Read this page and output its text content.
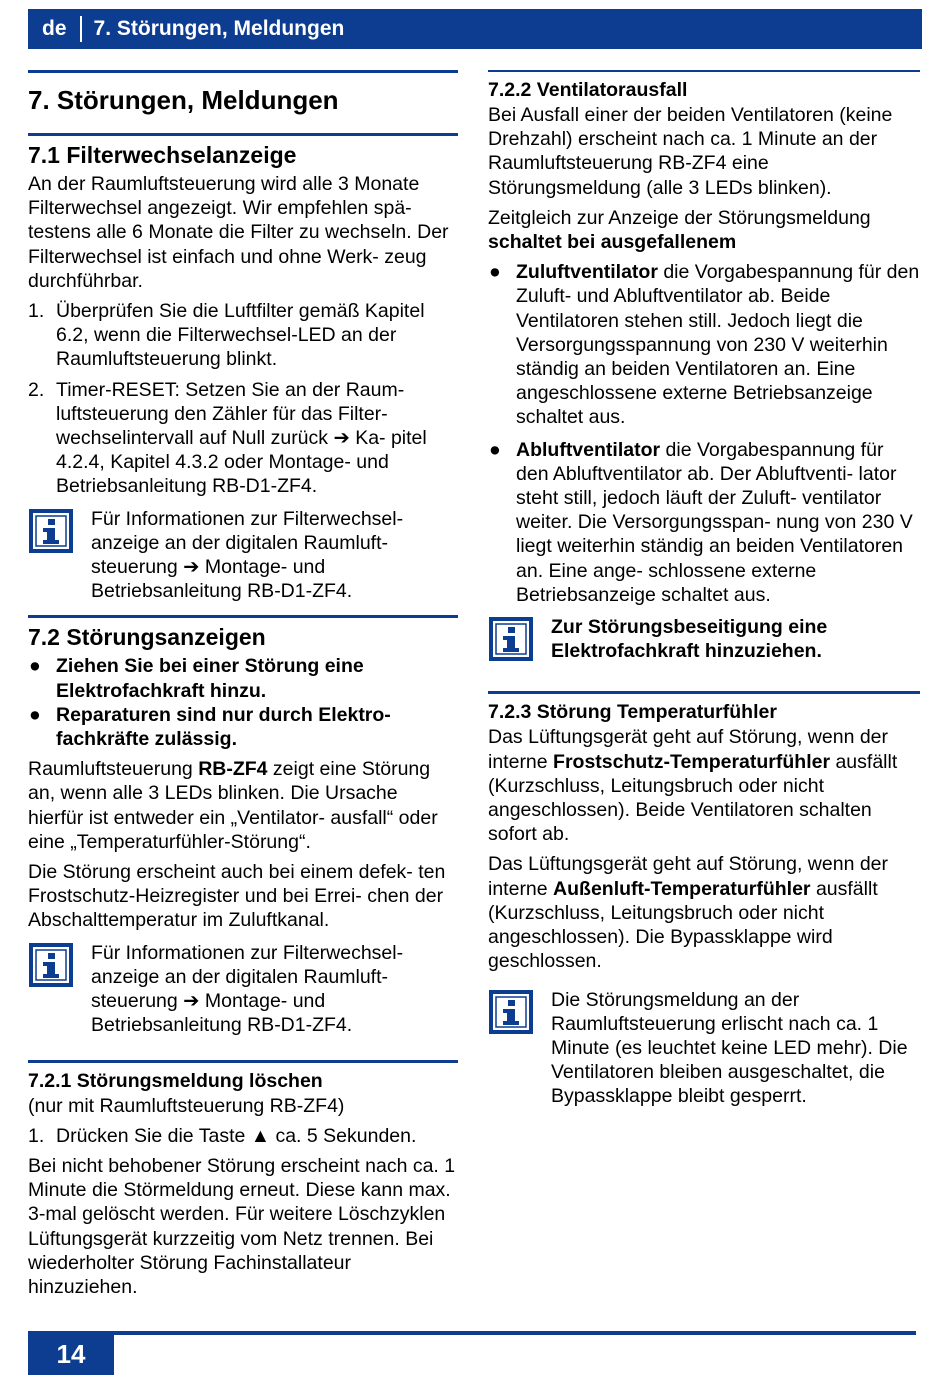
de 7. Störungen, Meldungen
7. Störungen, Meldungen
7.1 Filterwechselanzeige

An der Raumluftsteuerung wird alle 3 Monate Filterwechsel angezeigt. Wir empfehlen spä- testens alle 6 Monate die Filter zu wechseln. Der Filterwechsel ist einfach und ohne Werk- zeug durchführbar.

1. Überprüfen Sie die Luftfilter gemäß Kapitel 6.2, wenn die Filterwechsel-LED an der Raumluftsteuerung blinkt.
2. Timer-RESET: Setzen Sie an der Raum- luftsteuerung den Zähler für das Filter- wechselintervall auf Null zurück ➔ Ka- pitel 4.2.4, Kapitel 4.3.2 oder Montage- und Betriebsanleitung RB-D1-ZF4.

Für Informationen zur Filterwechsel- anzeige an der digitalen Raumluft- steuerung ➔ Montage- und Betriebsanleitung RB-D1-ZF4.

7.2 Störungsanzeigen
● Ziehen Sie bei einer Störung eine Elektrofachkraft hinzu.
● Reparaturen sind nur durch Elektro- fachkräfte zulässig.

Raumluftsteuerung RB-ZF4 zeigt eine Störung an, wenn alle 3 LEDs blinken. Die Ursache hierfür ist entweder ein „Ventilator- ausfall“ oder eine „Temperaturfühler-Störung“.

Die Störung erscheint auch bei einem defek- ten Frostschutz-Heizregister und bei Errei- chen der Abschalttemperatur im Zuluftkanal.

Für Informationen zur Filterwechsel- anzeige an der digitalen Raumluft- steuerung ➔ Montage- und Betriebsanleitung RB-D1-ZF4.

7.2.1 Störungsmeldung löschen

(nur mit Raumluftsteuerung RB-ZF4)

1. Drücken Sie die Taste ▲ ca. 5 Sekunden.

Bei nicht behobener Störung erscheint nach ca. 1 Minute die Störmeldung erneut. Diese kann max. 3-mal gelöscht werden. Für weitere Löschzyklen Lüftungsgerät kurzzeitig vom Netz trennen. Bei wiederholter Störung Fachinstallateur hinzuziehen.

7.2.2 Ventilatorausfall

Bei Ausfall einer der beiden Ventilatoren (keine Drehzahl) erscheint nach ca. 1 Minute an der Raumluftsteuerung RB-ZF4 eine Störungsmeldung (alle 3 LEDs blinken).

Zeitgleich zur Anzeige der Störungsmeldung schaltet bei ausgefallenem

● Zuluftventilator die Vorgabespannung für den Zuluft- und Abluftventilator ab. Beide Ventilatoren stehen still. Jedoch liegt die Versorgungsspannung von 230 V weiterhin ständig an beiden Ventilatoren an. Eine angeschlossene externe Betriebsanzeige schaltet aus.
● Abluftventilator die Vorgabespannung für den Abluftventilator ab. Der Abluftventi- lator steht still, jedoch läuft der Zuluft- ventilator weiter. Die Versorgungsspan- nung von 230 V liegt weiterhin ständig an beiden Ventilatoren an. Eine ange- schlossene externe Betriebsanzeige schaltet aus.

Zur Störungsbeseitigung eine Elektrofachkraft hinzuziehen.

7.2.3 Störung Temperaturfühler

Das Lüftungsgerät geht auf Störung, wenn der interne Frostschutz-Temperaturfühler ausfällt (Kurzschluss, Leitungsbruch oder nicht angeschlossen). Beide Ventilatoren schalten sofort ab.

Das Lüftungsgerät geht auf Störung, wenn der interne Außenluft-Temperaturfühler ausfällt (Kurzschluss, Leitungsbruch oder nicht angeschlossen). Die Bypassklappe wird geschlossen.

Die Störungsmeldung an der Raumluftsteuerung erlischt nach ca. 1 Minute (es leuchtet keine LED mehr). Die Ventilatoren bleiben ausgeschaltet, die Bypassklappe bleibt gesperrt.

14
